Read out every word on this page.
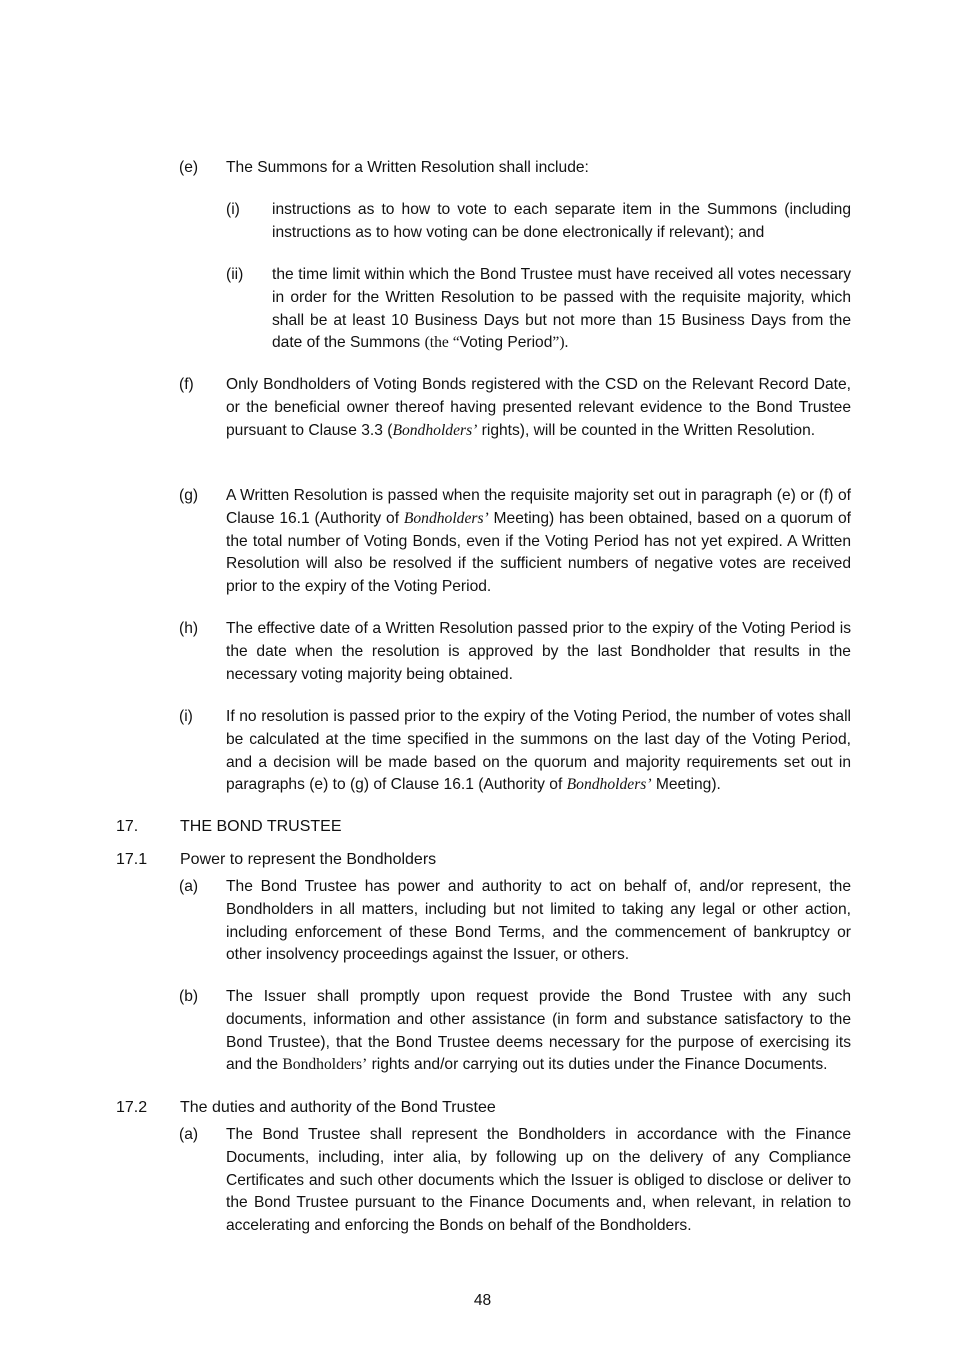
(e) The Summons for a Written Resolution shall include:
(i) instructions as to how to vote to each separate item in the Summons (including instructions as to how voting can be done electronically if relevant); and
(ii) the time limit within which the Bond Trustee must have received all votes necessary in order for the Written Resolution to be passed with the requisite majority, which shall be at least 10 Business Days but not more than 15 Business Days from the date of the Summons (the “Voting Period”).
(f) Only Bondholders of Voting Bonds registered with the CSD on the Relevant Record Date, or the beneficial owner thereof having presented relevant evidence to the Bond Trustee pursuant to Clause 3.3 (Bondholders’ rights), will be counted in the Written Resolution.
(g) A Written Resolution is passed when the requisite majority set out in paragraph (e) or (f) of Clause 16.1 (Authority of Bondholders’ Meeting) has been obtained, based on a quorum of the total number of Voting Bonds, even if the Voting Period has not yet expired. A Written Resolution will also be resolved if the sufficient numbers of negative votes are received prior to the expiry of the Voting Period.
(h) The effective date of a Written Resolution passed prior to the expiry of the Voting Period is the date when the resolution is approved by the last Bondholder that results in the necessary voting majority being obtained.
(i) If no resolution is passed prior to the expiry of the Voting Period, the number of votes shall be calculated at the time specified in the summons on the last day of the Voting Period, and a decision will be made based on the quorum and majority requirements set out in paragraphs (e) to (g) of Clause 16.1 (Authority of Bondholders’ Meeting).
17.	THE BOND TRUSTEE
17.1 Power to represent the Bondholders
(a) The Bond Trustee has power and authority to act on behalf of, and/or represent, the Bondholders in all matters, including but not limited to taking any legal or other action, including enforcement of these Bond Terms, and the commencement of bankruptcy or other insolvency proceedings against the Issuer, or others.
(b) The Issuer shall promptly upon request provide the Bond Trustee with any such documents, information and other assistance (in form and substance satisfactory to the Bond Trustee), that the Bond Trustee deems necessary for the purpose of exercising its and the Bondholders’ rights and/or carrying out its duties under the Finance Documents.
17.2 The duties and authority of the Bond Trustee
(a) The Bond Trustee shall represent the Bondholders in accordance with the Finance Documents, including, inter alia, by following up on the delivery of any Compliance Certificates and such other documents which the Issuer is obliged to disclose or deliver to the Bond Trustee pursuant to the Finance Documents and, when relevant, in relation to accelerating and enforcing the Bonds on behalf of the Bondholders.
48
